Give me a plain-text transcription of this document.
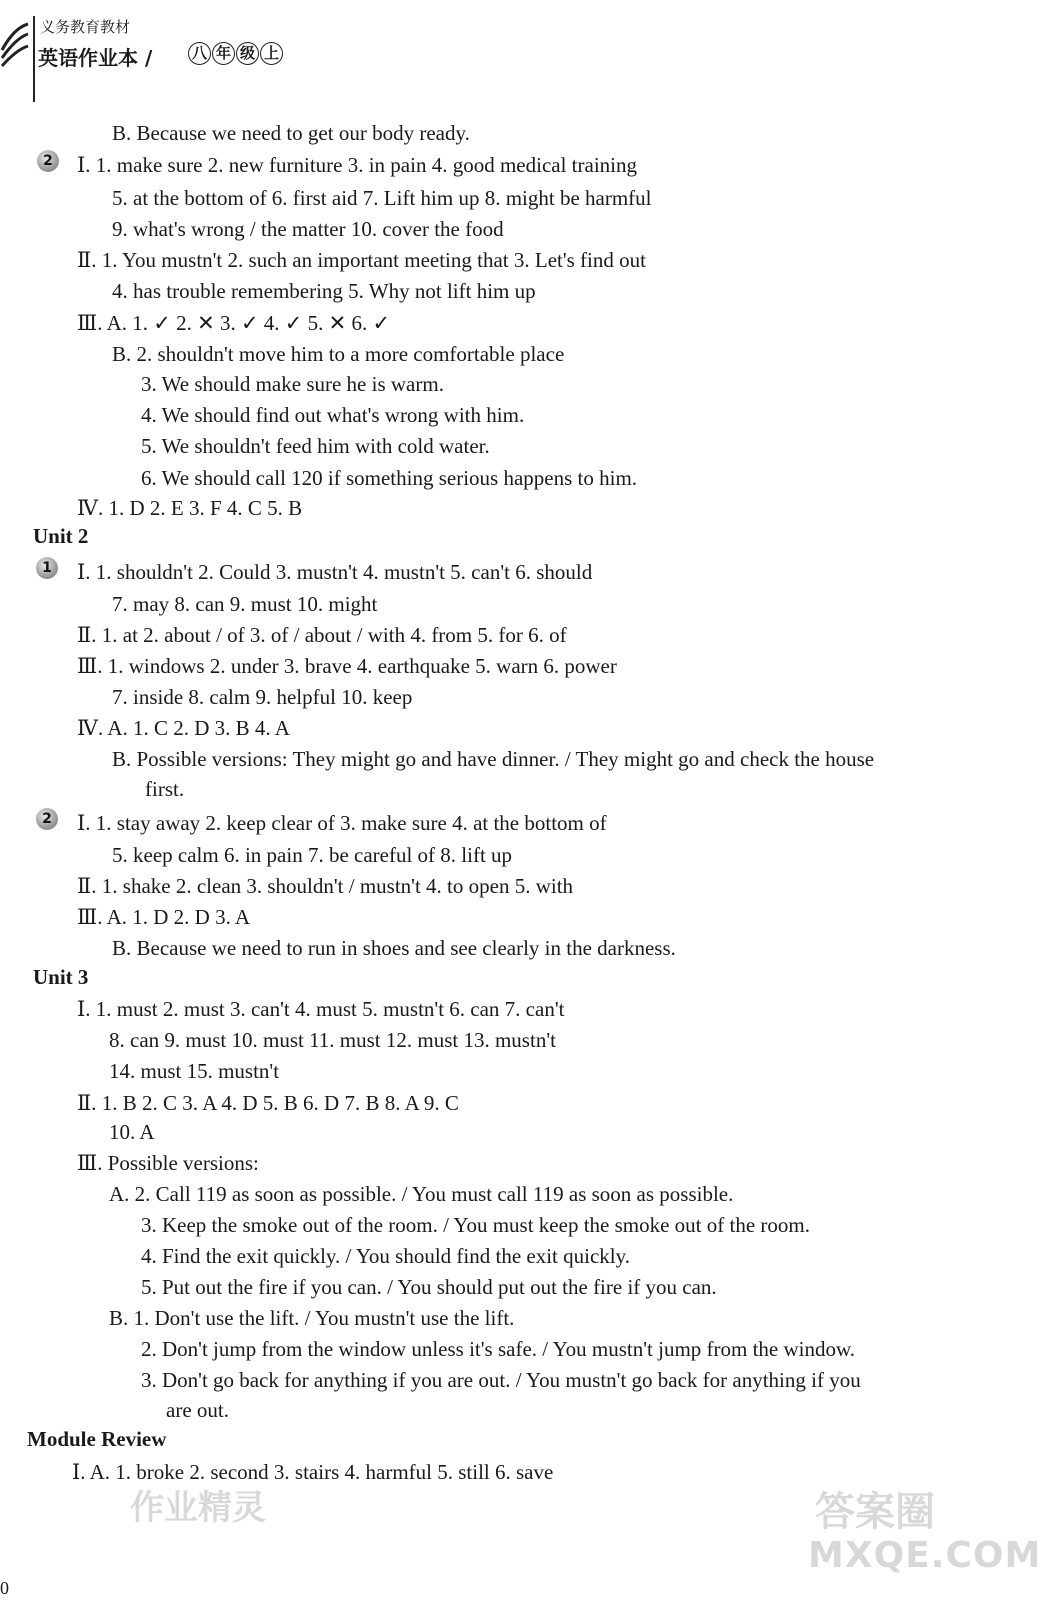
义务教育教材
英语作业本 /	八 年 级 上
2
1
2
B. Because we need to get our body ready.
Ⅰ. 1. make sure 2. new furniture 3. in pain 4. good medical training
5. at the bottom of 6. first aid 7. Lift him up 8. might be harmful
9. what's wrong / the matter 10. cover the food
Ⅱ. 1. You mustn't 2. such an important meeting that 3. Let's find out
4. has trouble remembering 5. Why not lift him up
Ⅲ. A. 1. ✓ 2. ✕ 3. ✓ 4. ✓ 5. ✕ 6. ✓
B. 2. shouldn't move him to a more comfortable place
3. We should make sure he is warm.
4. We should find out what's wrong with him.
5. We shouldn't feed him with cold water.
6. We should call 120 if something serious happens to him.
Ⅳ. 1. D 2. E 3. F 4. C 5. B
Unit 2
Ⅰ. 1. shouldn't 2. Could 3. mustn't 4. mustn't 5. can't 6. should
7. may 8. can 9. must 10. might
Ⅱ. 1. at 2. about / of 3. of / about / with 4. from 5. for 6. of
Ⅲ. 1. windows 2. under 3. brave 4. earthquake 5. warn 6. power
7. inside 8. calm 9. helpful 10. keep
Ⅳ. A. 1. C 2. D 3. B 4. A
B. Possible versions: They might go and have dinner. / They might go and check the house
first.
Ⅰ. 1. stay away 2. keep clear of 3. make sure 4. at the bottom of
5. keep calm 6. in pain 7. be careful of 8. lift up
Ⅱ. 1. shake 2. clean 3. shouldn't / mustn't 4. to open 5. with
Ⅲ. A. 1. D 2. D 3. A
B. Because we need to run in shoes and see clearly in the darkness.
Unit 3
Ⅰ. 1. must 2. must 3. can't 4. must 5. mustn't 6. can 7. can't
8. can 9. must 10. must 11. must 12. must 13. mustn't
14. must 15. mustn't
Ⅱ. 1. B 2. C 3. A 4. D 5. B 6. D 7. B 8. A 9. C
10. A
Ⅲ. Possible versions:
A. 2. Call 119 as soon as possible. / You must call 119 as soon as possible.
3. Keep the smoke out of the room. / You must keep the smoke out of the room.
4. Find the exit quickly. / You should find the exit quickly.
5. Put out the fire if you can. / You should put out the fire if you can.
B. 1. Don't use the lift. / You mustn't use the lift.
2. Don't jump from the window unless it's safe. / You mustn't jump from the window.
3. Don't go back for anything if you are out. / You mustn't go back for anything if you
are out.
Module Review
Ⅰ. A. 1. broke 2. second 3. stairs 4. harmful 5. still 6. save
作业精灵	答案圈
MXQE.COM
0
